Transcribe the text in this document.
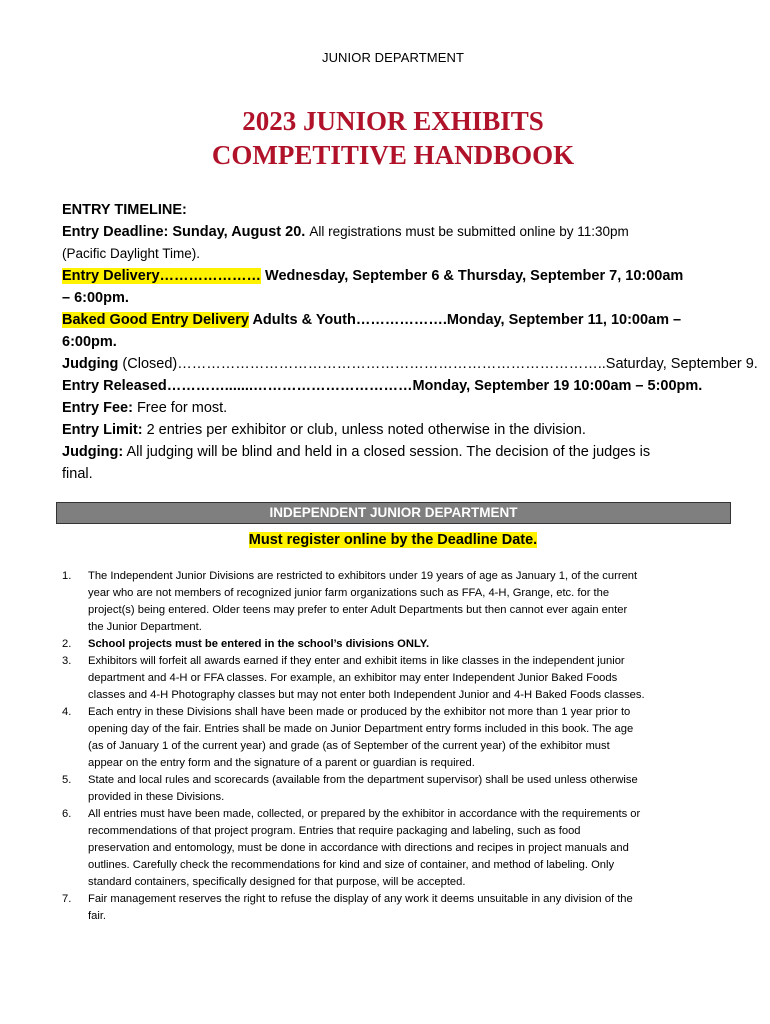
JUNIOR DEPARTMENT
2023 JUNIOR EXHIBITS
COMPETITIVE HANDBOOK
ENTRY TIMELINE:
Entry Deadline: Sunday, August 20. All registrations must be submitted online by 11:30pm
(Pacific Daylight Time).
Entry Delivery………………… Wednesday, September 6 & Thursday, September 7, 10:00am
– 6:00pm.
Baked Good Entry Delivery Adults & Youth……………….Monday, September 11, 10:00am –
6:00pm.
Judging (Closed)……………………………………………………………………………..Saturday, September 9.
Entry Released………….......……………………………Monday, September 19 10:00am – 5:00pm.
Entry Fee: Free for most.
Entry Limit: 2 entries per exhibitor or club, unless noted otherwise in the division.
Judging: All judging will be blind and held in a closed session. The decision of the judges is
final.
INDEPENDENT JUNIOR DEPARTMENT
Must register online by the Deadline Date.
1.	The Independent Junior Divisions are restricted to exhibitors under 19 years of age as January 1, of the current
year who are not members of recognized junior farm organizations such as FFA, 4-H, Grange, etc. for the
project(s) being entered. Older teens may prefer to enter Adult Departments but then cannot ever again enter
the Junior Department.
2.	School projects must be entered in the school’s divisions ONLY.
3.	Exhibitors will forfeit all awards earned if they enter and exhibit items in like classes in the independent junior
department and 4-H or FFA classes. For example, an exhibitor may enter Independent Junior Baked Foods
classes and 4-H Photography classes but may not enter both Independent Junior and 4-H Baked Foods classes.
4.	Each entry in these Divisions shall have been made or produced by the exhibitor not more than 1 year prior to
opening day of the fair. Entries shall be made on Junior Department entry forms included in this book. The age
(as of January 1 of the current year) and grade (as of September of the current year) of the exhibitor must
appear on the entry form and the signature of a parent or guardian is required.
5.	State and local rules and scorecards (available from the department supervisor) shall be used unless otherwise
provided in these Divisions.
6.	All entries must have been made, collected, or prepared by the exhibitor in accordance with the requirements or
recommendations of that project program. Entries that require packaging and labeling, such as food
preservation and entomology, must be done in accordance with directions and recipes in project manuals and
outlines. Carefully check the recommendations for kind and size of container, and method of labeling. Only
standard containers, specifically designed for that purpose, will be accepted.
7.	Fair management reserves the right to refuse the display of any work it deems unsuitable in any division of the
fair.
